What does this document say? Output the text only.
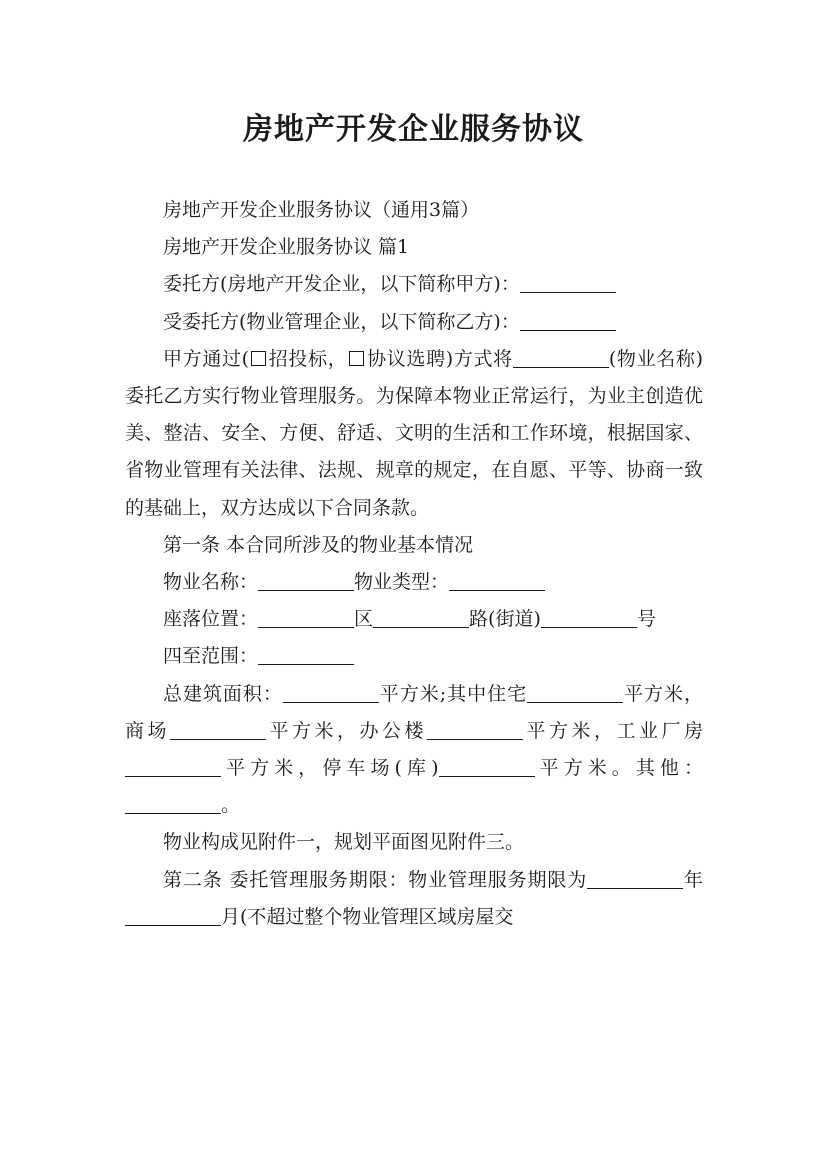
房地产开发企业服务协议

房地产开发企业服务协议（通用3篇）

房地产开发企业服务协议 篇1

委托方(房地产开发企业，以下简称甲方)：

受委托方(物业管理企业，以下简称乙方)：

甲方通过( 招投标， 协议选聘)方式将	(物业名称)委托乙方实行物业管理服务。为保障本物业正常运行，为业主创造优美、整洁、安全、方便、舒适、文明的生活和工作环境，根据国家、省物业管理有关法律、法规、规章的规定，在自愿、平等、协商一致的基础上，双方达成以下合同条款。

第一条 本合同所涉及的物业基本情况

物业名称：	物业类型：

座落位置：	区	路(街道)	号

四至范围：

总建筑面积：	平方米;其中住宅	平方米，商场	平方米，办公楼	平方米，工业厂房平方米，停车场(库)	平方米。其他：。

物业构成见附件一，规划平面图见附件三。

第二条 委托管理服务期限：物业管理服务期限为	年月(不超过整个物业管理区域房屋交
